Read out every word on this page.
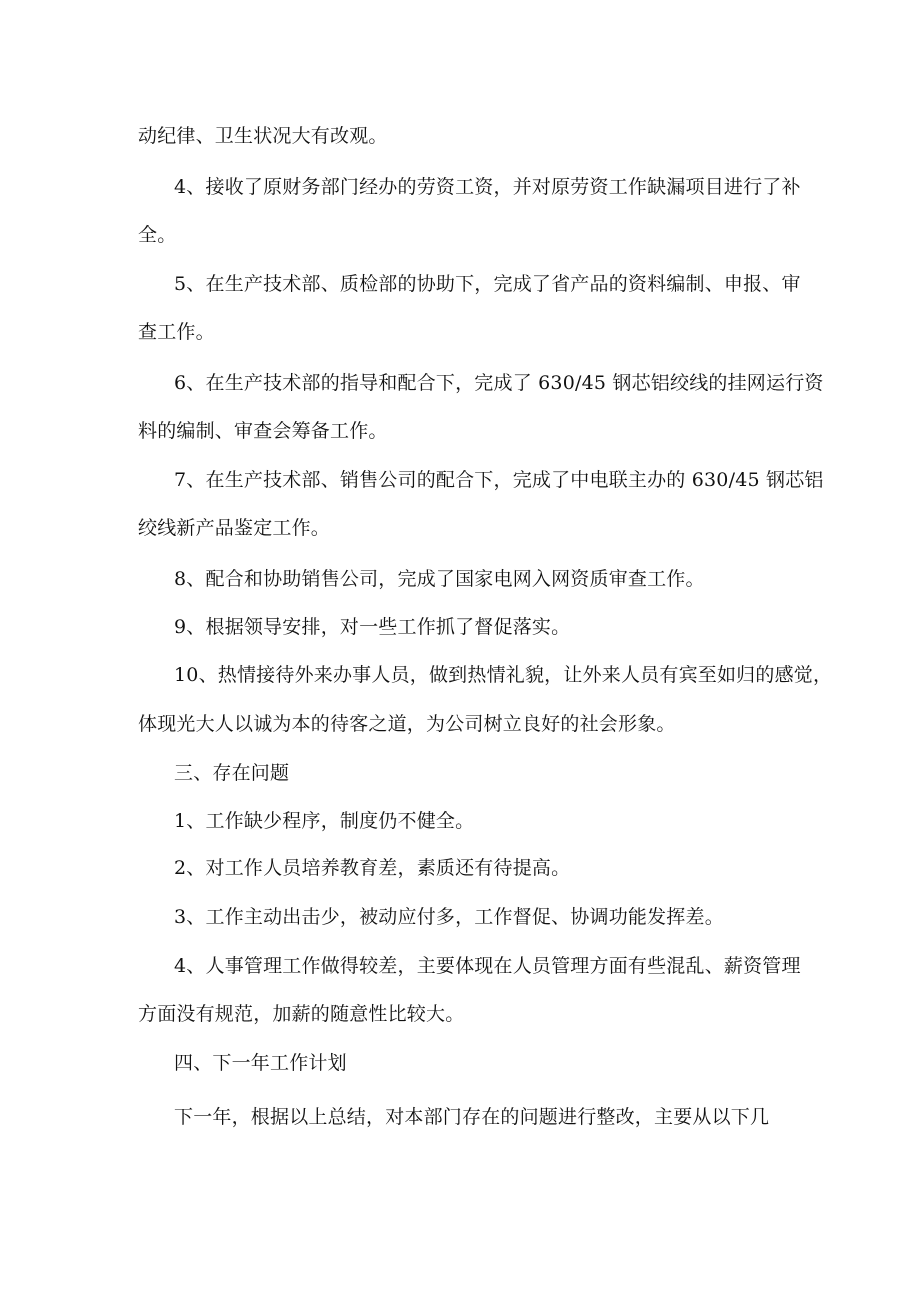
动纪律、卫生状况大有改观。
4、接收了原财务部门经办的劳资工资，并对原劳资工作缺漏项目进行了补
全。
5、在生产技术部、质检部的协助下，完成了省产品的资料编制、申报、审
查工作。
6、在生产技术部的指导和配合下，完成了 630/45 钢芯铝绞线的挂网运行资
料的编制、审查会筹备工作。
7、在生产技术部、销售公司的配合下，完成了中电联主办的 630/45 钢芯铝
绞线新产品鉴定工作。
8、配合和协助销售公司，完成了国家电网入网资质审查工作。
9、根据领导安排，对一些工作抓了督促落实。
10、热情接待外来办事人员，做到热情礼貌，让外来人员有宾至如归的感觉，
体现光大人以诚为本的待客之道，为公司树立良好的社会形象。
三、存在问题
1、工作缺少程序，制度仍不健全。
2、对工作人员培养教育差，素质还有待提高。
3、工作主动出击少，被动应付多，工作督促、协调功能发挥差。
4、人事管理工作做得较差，主要体现在人员管理方面有些混乱、薪资管理
方面没有规范，加薪的随意性比较大。
四、下一年工作计划
下一年，根据以上总结，对本部门存在的问题进行整改，主要从以下几
